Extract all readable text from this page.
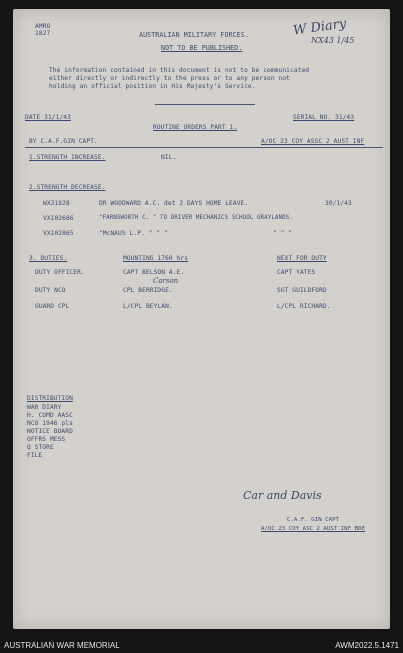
AMRO
1827	AUSTRALIAN MILITARY FORCES.
NOT TO BE PUBLISHED.
W Diary
NX43 1/45
The information contained in this document is not to be communicated
either directly or indirectly to the press or to any person not
holding an official position in His Majesty's Service.
DATE 31/1/43
ROUTINE ORDERS PART 1.
SERIAL NO. 31/43
BY C.A.F.GIN CAPT.	A/OC 23 COY ASSC 2 AUST INF
1.STRENGTH INCREASE.	NIL.
2.STRENGTH DECREASE.
WX31828	DR WOODWARD A.C. det 2 DAYS HOME LEAVE.	30/1/43
VX102686	"FARNSWORTH C. " TO DRIVER MECHANICS SCHOOL GRAYLANDS.
VX102865	"McNAUS L.P. " " "	" " "
3. DUTIES.	MOUNTING 1760 hrs	NEXT FOR DUTY
DUTY OFFICER.	CAPT BELSON A.E.	CAPT YATES
Carson
DUTY NCO	CPL BERRIDGE.	SGT GUILDFORD
GUARD CPL	L/CPL BEYLAN.	L/CPL RICHARD.
DISTRIBUTION
WAR DIARY
H. COMD AASC
NCO 1946 pls
NOTICE BOARD
OFFRS MESS
Q STORE
FILE
Car and Davis
C.A.F. GIN CAPT
A/OC 23 COY ASC 2 AUST INF BDE
AUSTRALIAN WAR MEMORIAL	AWM2022.5.1471
